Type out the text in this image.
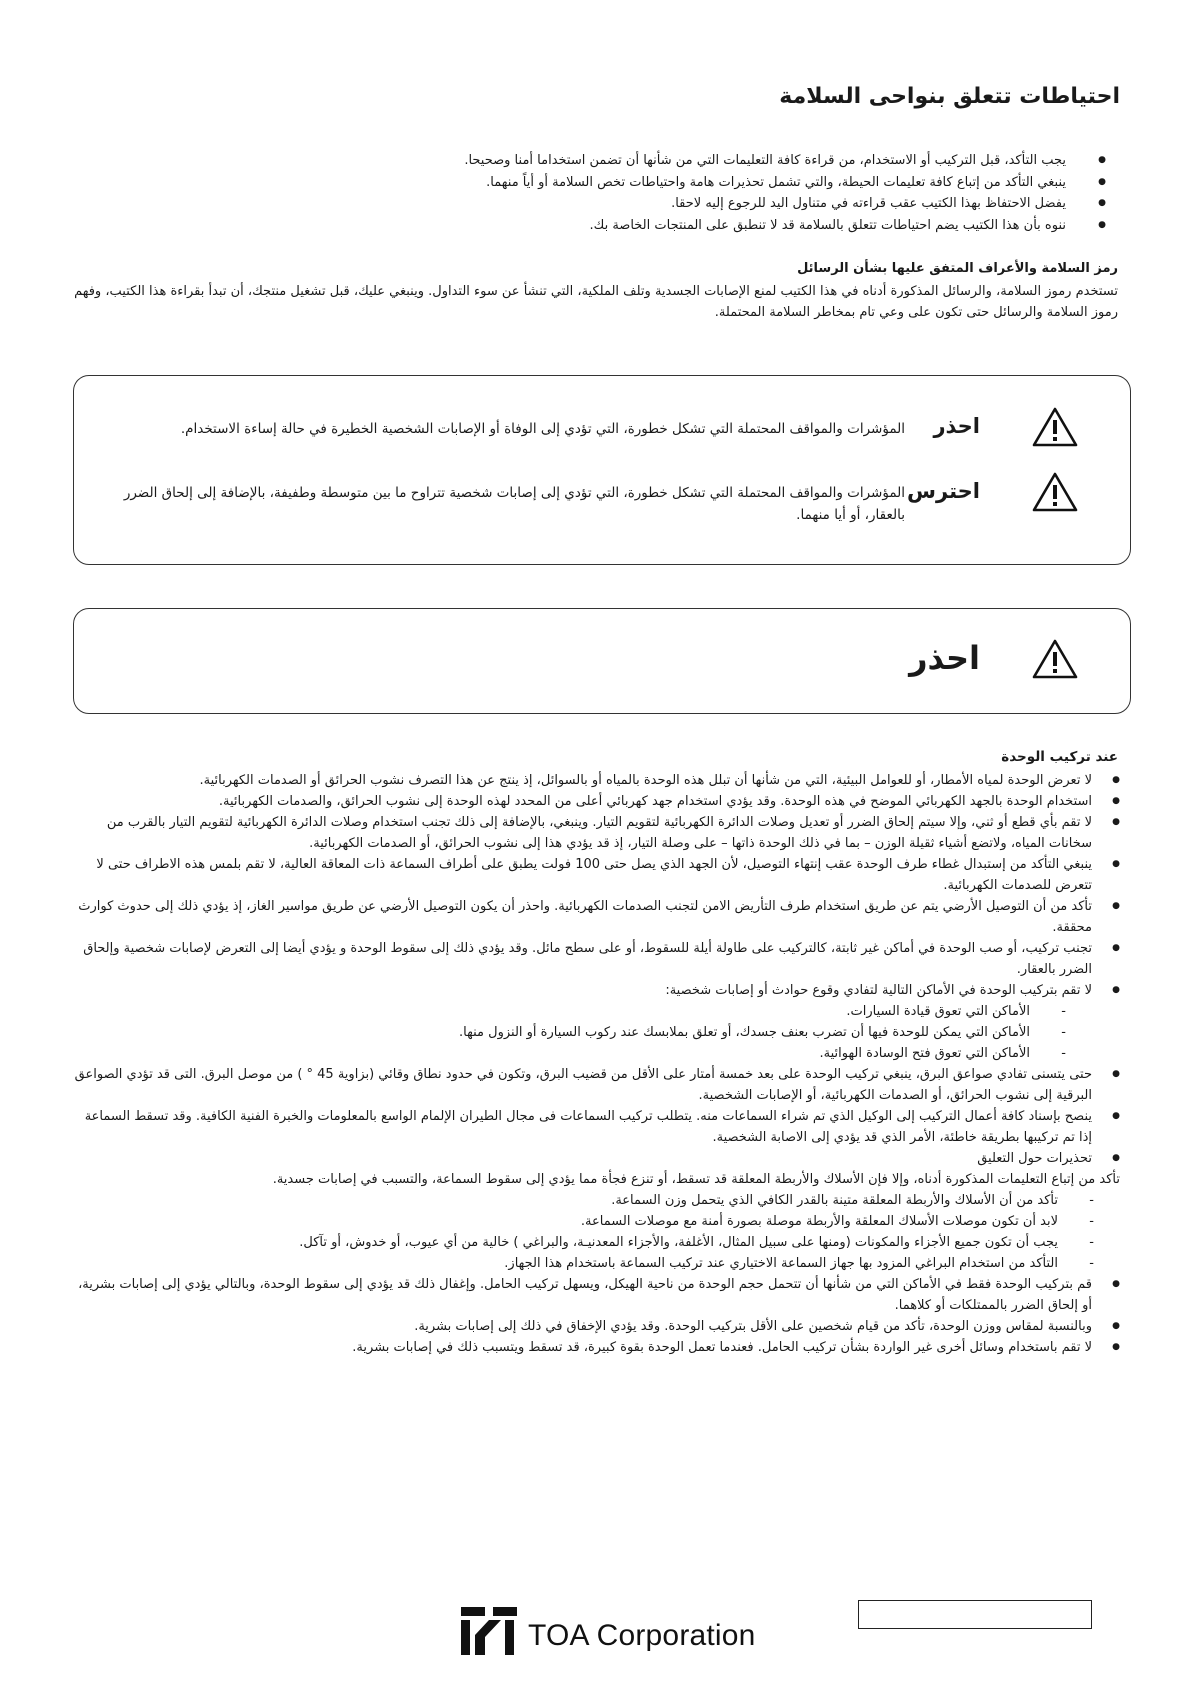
احتياطات تتعلق بنواحى السلامة
● يجب التأكد، قبل التركيب أو الاستخدام، من قراءة كافة التعليمات التي من شأنها أن تضمن استخداما أمنا وصحيحا.
● ينبغي التأكد من إتباع كافة تعليمات الحيطة، والتي تشمل تحذيرات هامة واحتياطات تخص السلامة أو أياً منهما.
● يفضل الاحتفاظ بهذا الكتيب عقب قراءته في متناول اليد للرجوع إليه لاحقا.
● ننوه بأن هذا الكتيب يضم احتياطات تتعلق بالسلامة قد لا تنطبق على المنتجات الخاصة بك.
رمز السلامة والأعراف المتفق عليها بشأن الرسائل
تستخدم رموز السلامة، والرسائل المذكورة أدناه في هذا الكتيب لمنع الإصابات الجسدية وتلف الملكية، التي تنشأ عن سوء التداول. وينبغي عليك، قبل تشغيل منتجك، أن تبدأ بقراءة هذا الكتيب، وفهم رموز السلامة والرسائل حتى تكون على وعي تام بمخاطر السلامة المحتملة.
احذر
المؤشرات والمواقف المحتملة التي تشكل خطورة، التي تؤدي إلى الوفاة أو الإصابات الشخصية الخطيرة في حالة إساءة الاستخدام.
احترس
المؤشرات والمواقف المحتملة التي تشكل خطورة، التي تؤدي إلى إصابات شخصية تتراوح ما بين متوسطة وطفيفة، بالإضافة إلى إلحاق الضرر بالعقار، أو أيا منهما.
احذر
عند تركيب الوحدة
● لا تعرض الوحدة لمياه الأمطار، أو للعوامل البيئية، التي من شأنها أن تبلل هذه الوحدة بالمياه أو بالسوائل، إذ ينتج عن هذا التصرف نشوب الحرائق أو الصدمات الكهربائية.
● استخدام الوحدة بالجهد الكهربائي الموضح في هذه الوحدة. وقد يؤدي استخدام جهد كهربائي أعلى من المحدد لهذه الوحدة إلى نشوب الحرائق، والصدمات الكهربائية.
● لا تقم بأي قطع أو ثني، وإلا سيتم إلحاق الضرر أو تعديل وصلات الدائرة الكهربائية لتقويم التيار. وينبغي، بالإضافة إلى ذلك تجنب استخدام وصلات الدائرة الكهربائية لتقويم التيار بالقرب من سخانات المياه، ولاتضع أشياء ثقيلة الوزن – بما في ذلك الوحدة ذاتها – على وصلة التيار، إذ قد يؤدي هذا إلى نشوب الحرائق، أو الصدمات الكهربائية.
● ينبغي التأكد من إستبدال غطاء طرف الوحدة عقب إنتهاء التوصيل، لأن الجهد الذي يصل حتى 100 فولت يطبق على أطراف السماعة ذات المعاقة العالية، لا تقم بلمس هذه الاطراف حتى لا تتعرض للصدمات الكهربائية.
● تأكد من أن التوصيل الأرضي يتم عن طريق استخدام طرف التأريض الامن لتجنب الصدمات الكهربائية. واحذر أن يكون التوصيل الأرضي عن طريق مواسير الغاز، إذ يؤدي ذلك إلى حدوث كوارث محققة.
● تجنب تركيب، أو صب الوحدة في أماكن غير ثابتة، كالتركيب على طاولة أيلة للسقوط، أو على سطح مائل. وقد يؤدي ذلك إلى سقوط الوحدة و يؤدي أيضا إلى التعرض لإصابات شخصية وإلحاق الضرر بالعقار.
● لا تقم بتركيب الوحدة في الأماكن التالية لتفادي وقوع حوادث أو إصابات شخصية:
- الأماكن التي تعوق قيادة السيارات.
- الأماكن التي يمكن للوحدة فيها أن تضرب بعنف جسدك، أو تعلق بملابسك عند ركوب السيارة أو النزول منها.
- الأماكن التي تعوق فتح الوسادة الهوائية.
● حتى يتسنى تفادي صواعق البرق، ينبغي تركيب الوحدة على بعد خمسة أمتار على الأقل من قضيب البرق، وتكون في حدود نطاق وقائي (بزاوية 45 ° ) من موصل البرق. التى قد تؤدي الصواعق البرقية إلى نشوب الحرائق، أو الصدمات الكهربائية، أو الإصابات الشخصية.
● ينصح بإسناد كافة أعمال التركيب إلى الوكيل الذي تم شراء السماعات منه. يتطلب تركيب السماعات فى مجال الطيران الإلمام الواسع بالمعلومات والخبرة الفنية الكافية. وقد تسقط السماعة إذا تم تركيبها بطريقة خاطئة، الأمر الذي قد يؤدي إلى الاصابة الشخصية.
● تحذيرات حول التعليق
تأكد من إتباع التعليمات المذكورة أدناه، وإلا فإن الأسلاك والأربطة المعلقة قد تسقط، أو تنزع فجأة مما يؤدي إلى سقوط السماعة، والتسبب في إصابات جسدية.
- تأكد من أن الأسلاك والأربطة المعلقة متينة بالقدر الكافي الذي يتحمل وزن السماعة.
- لابد أن تكون موصلات الأسلاك المعلقة والأربطة موصلة بصورة أمنة مع موصلات السماعة.
- يجب أن تكون جميع الأجزاء والمكونات (ومنها على سبيل المثال، الأغلفة، والأجزاء المعدنيـة، والبراغي ) خالية من أي عيوب، أو خدوش، أو تآكل.
- التأكد من استخدام البراغي المزود بها جهاز السماعة الاختياري عند تركيب السماعة باستخدام هذا الجهاز.
● قم بتركيب الوحدة فقط في الأماكن التي من شأنها أن تتحمل حجم الوحدة من ناحية الهيكل، ويسهل تركيب الحامل. وإغفال ذلك قد يؤدي إلى سقوط الوحدة، وبالتالي يؤدي إلى إصابات بشرية، أو إلحاق الضرر بالممتلكات أو كلاهما.
● وبالنسبة لمقاس ووزن الوحدة، تأكد من قيام شخصين على الأقل بتركيب الوحدة. وقد يؤدي الإخفاق في ذلك إلى إصابات بشرية.
● لا تقم باستخدام وسائل أخرى غير الواردة بشأن تركيب الحامل. فعندما تعمل الوحدة بقوة كبيرة، قد تسقط ويتسبب ذلك في إصابات بشرية.
TOA Corporation
